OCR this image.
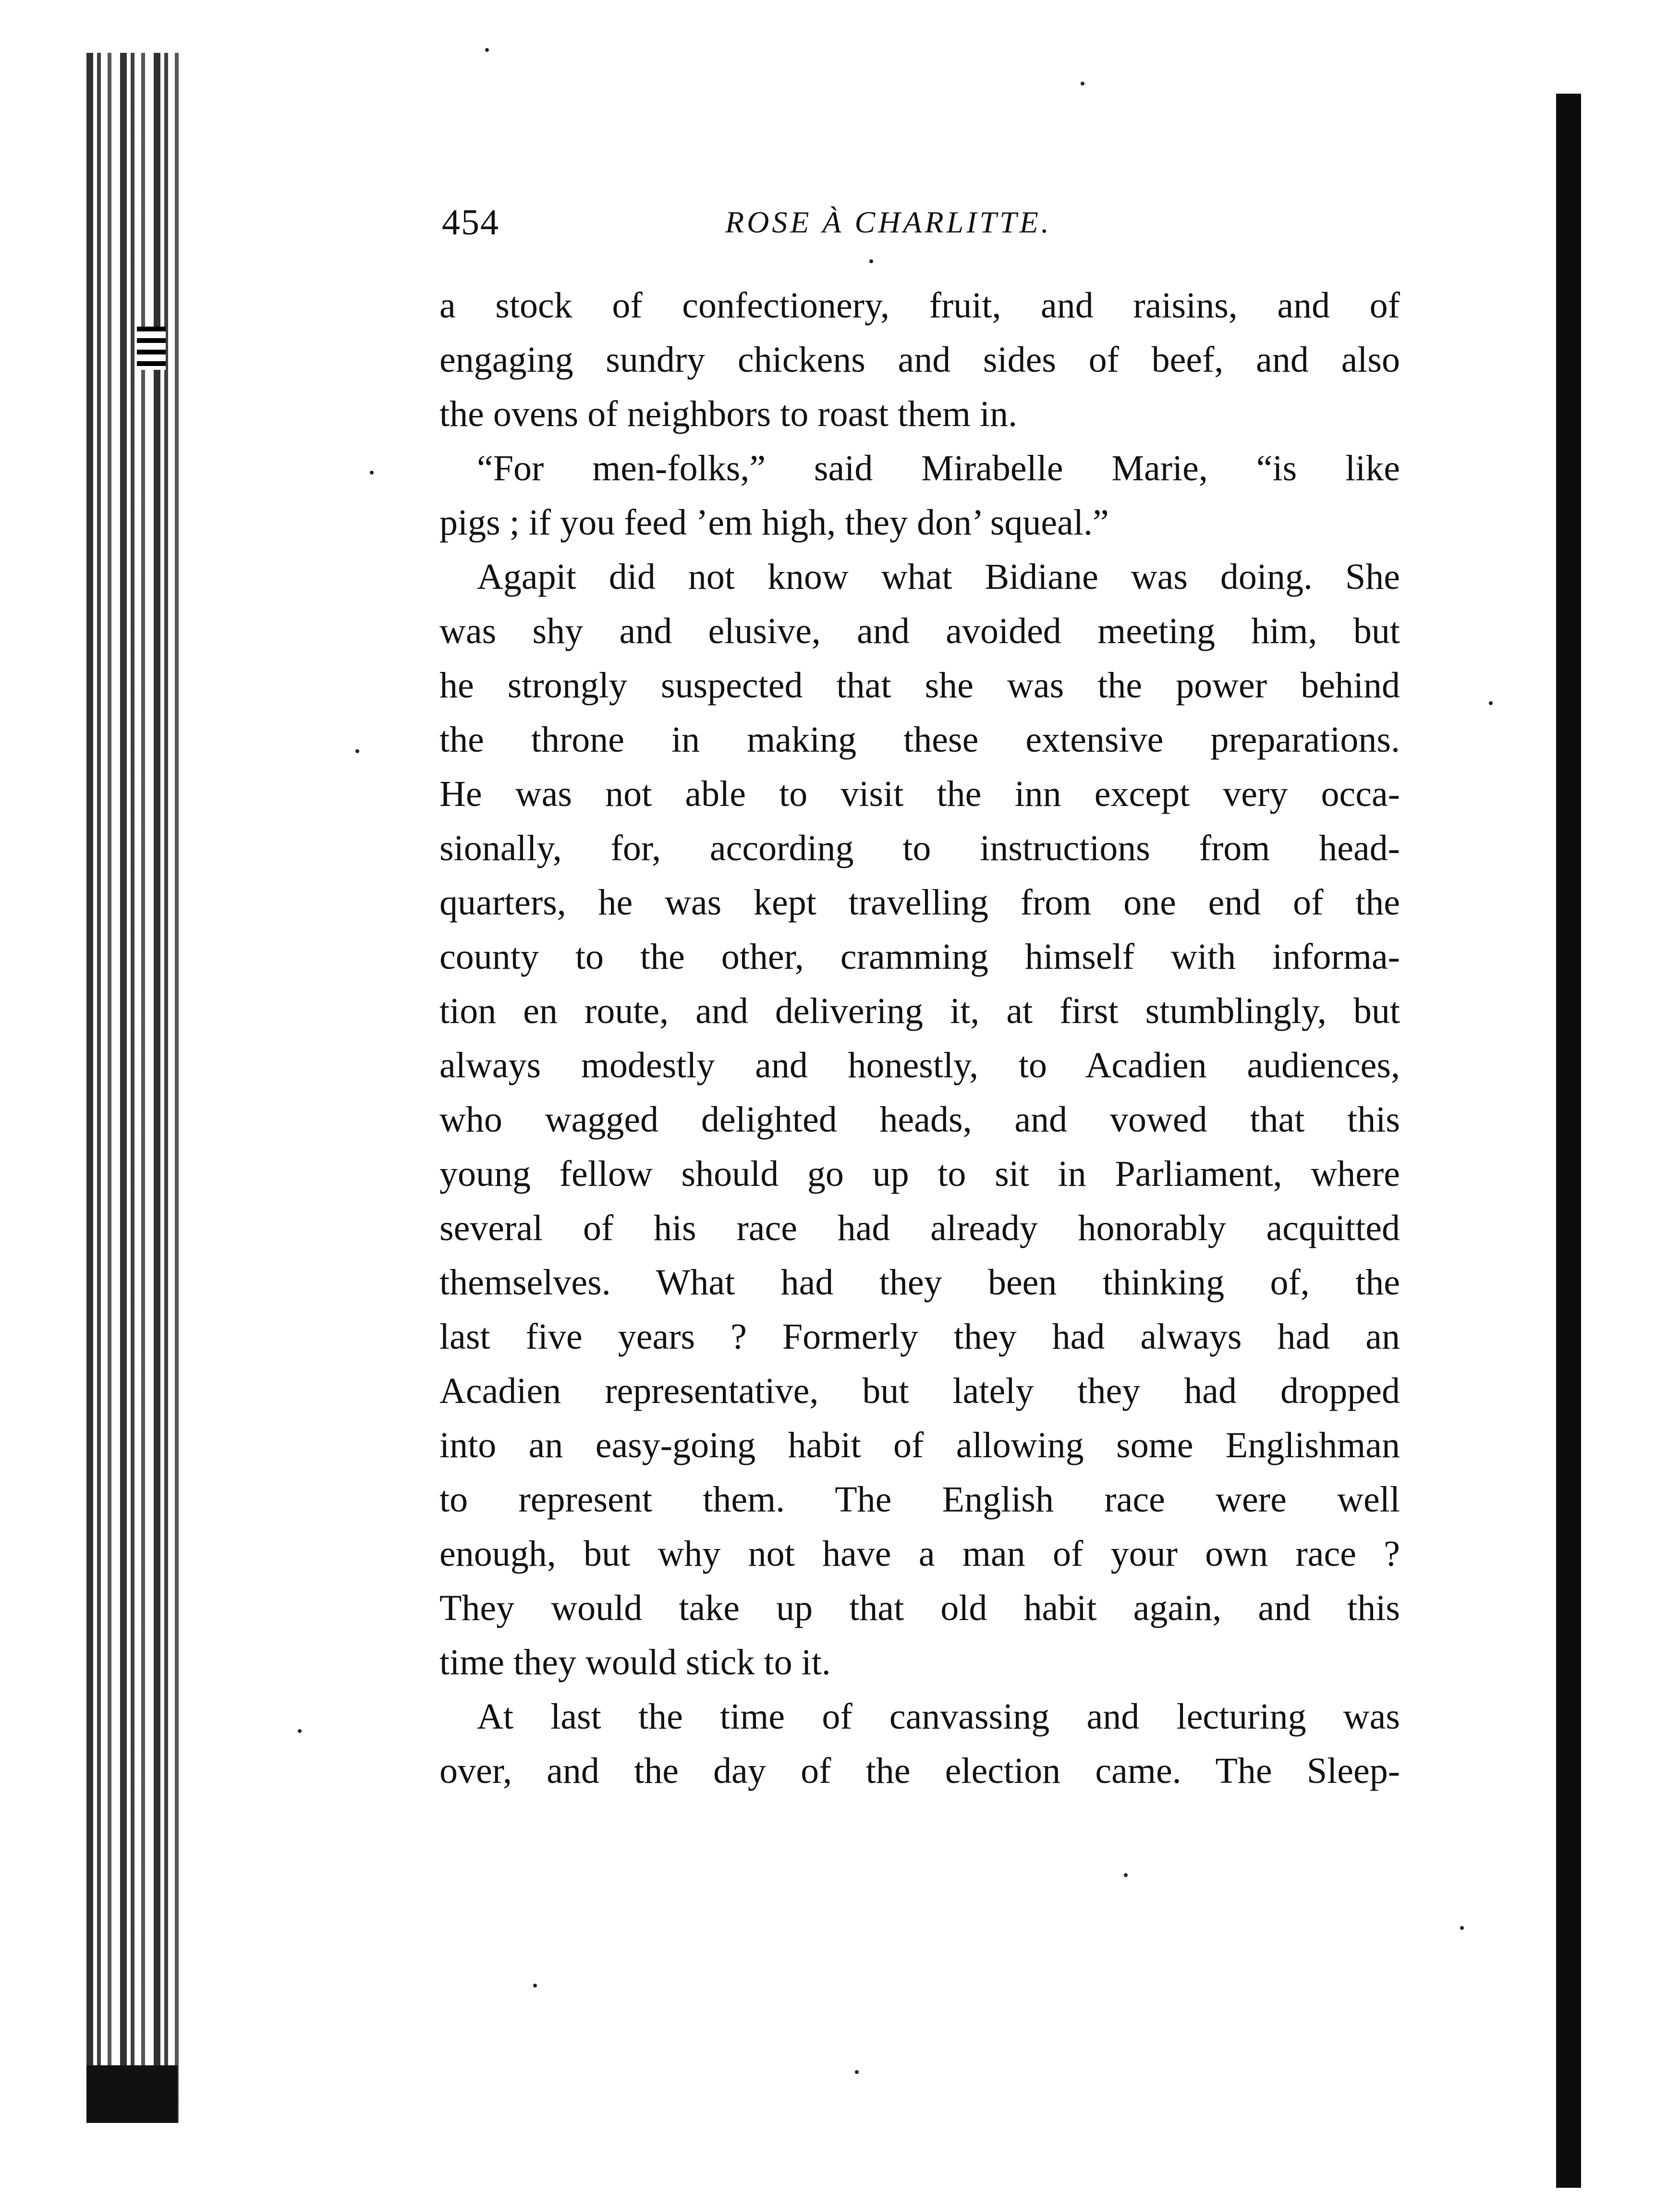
454	ROSE À CHARLITTE.
a stock of confectionery, fruit, and raisins, and of
engaging sundry chickens and sides of beef, and also
the ovens of neighbors to roast them in.
“For men-folks,” said Mirabelle Marie, “is like
pigs ; if you feed ’em high, they don’ squeal.”
Agapit did not know what Bidiane was doing. She
was shy and elusive, and avoided meeting him, but
he strongly suspected that she was the power behind
the throne in making these extensive preparations.
He was not able to visit the inn except very occa-
sionally, for, according to instructions from head-
quarters, he was kept travelling from one end of the
county to the other, cramming himself with informa-
tion en route, and delivering it, at first stumblingly, but
always modestly and honestly, to Acadien audiences,
who wagged delighted heads, and vowed that this
young fellow should go up to sit in Parliament, where
several of his race had already honorably acquitted
themselves. What had they been thinking of, the
last five years ? Formerly they had always had an
Acadien representative, but lately they had dropped
into an easy-going habit of allowing some Englishman
to represent them. The English race were well
enough, but why not have a man of your own race ?
They would take up that old habit again, and this
time they would stick to it.
At last the time of canvassing and lecturing was
over, and the day of the election came. The Sleep-
